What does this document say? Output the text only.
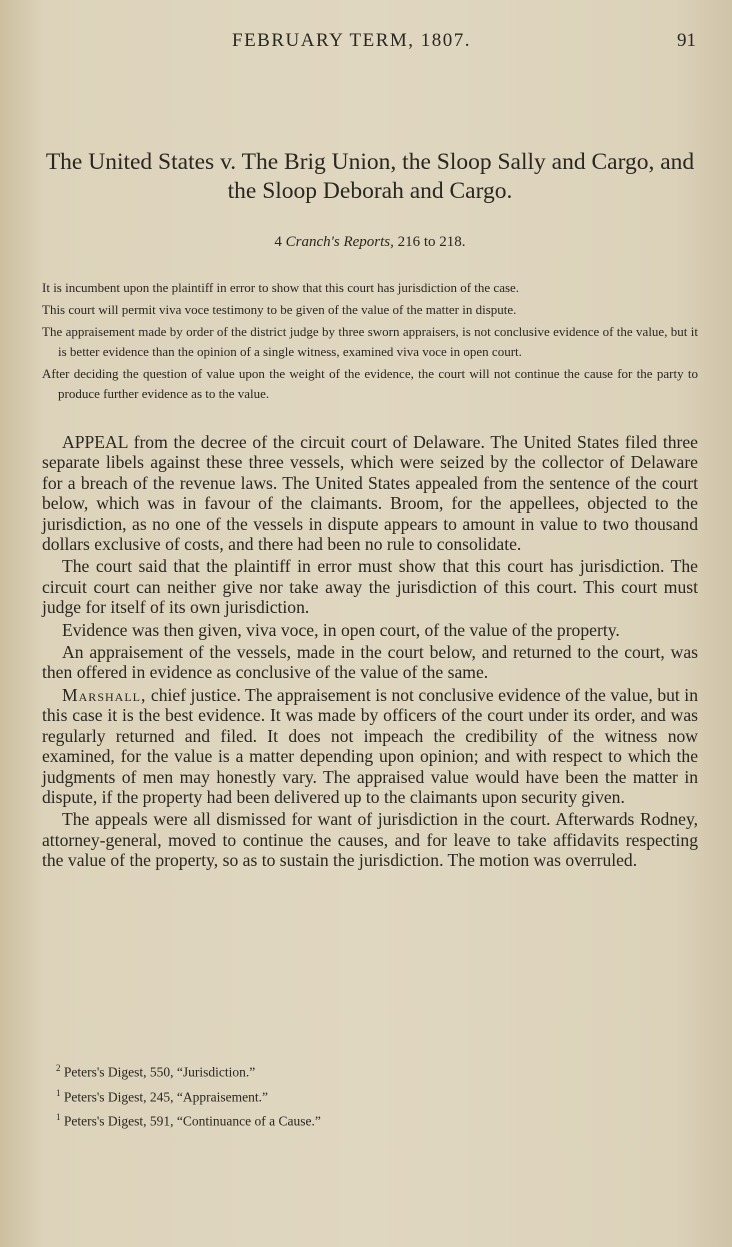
FEBRUARY TERM, 1807.	91
The United States v. The Brig Union, the Sloop Sally and Cargo, and the Sloop Deborah and Cargo.
4 Cranch's Reports, 216 to 218.

It is incumbent upon the plaintiff in error to show that this court has jurisdiction of the case.

This court will permit viva voce testimony to be given of the value of the matter in dispute.

The appraisement made by order of the district judge by three sworn appraisers, is not conclusive evidence of the value, but it is better evidence than the opinion of a single witness, examined viva voce in open court.

After deciding the question of value upon the weight of the evidence, the court will not continue the cause for the party to produce further evidence as to the value.

APPEAL from the decree of the circuit court of Delaware. The United States filed three separate libels against these three vessels, which were seized by the collector of Delaware for a breach of the revenue laws. The United States appealed from the sentence of the court below, which was in favour of the claimants. Broom, for the appellees, objected to the jurisdiction, as no one of the vessels in dispute appears to amount in value to two thousand dollars exclusive of costs, and there had been no rule to consolidate.

The court said that the plaintiff in error must show that this court has jurisdiction. The circuit court can neither give nor take away the jurisdiction of this court. This court must judge for itself of its own jurisdiction.

Evidence was then given, viva voce, in open court, of the value of the property.

An appraisement of the vessels, made in the court below, and returned to the court, was then offered in evidence as conclusive of the value of the same.

Marshall, chief justice. The appraisement is not conclusive evidence of the value, but in this case it is the best evidence. It was made by officers of the court under its order, and was regularly returned and filed. It does not impeach the credibility of the witness now examined, for the value is a matter depending upon opinion; and with respect to which the judgments of men may honestly vary. The appraised value would have been the matter in dispute, if the property had been delivered up to the claimants upon security given.

The appeals were all dismissed for want of jurisdiction in the court. Afterwards Rodney, attorney-general, moved to continue the causes, and for leave to take affidavits respecting the value of the property, so as to sustain the jurisdiction. The motion was overruled.

$^2$ Peters's Digest, 550, “Jurisdiction.”

$^1$ Peters's Digest, 245, “Appraisement.”

$^1$ Peters's Digest, 591, “Continuance of a Cause.”
